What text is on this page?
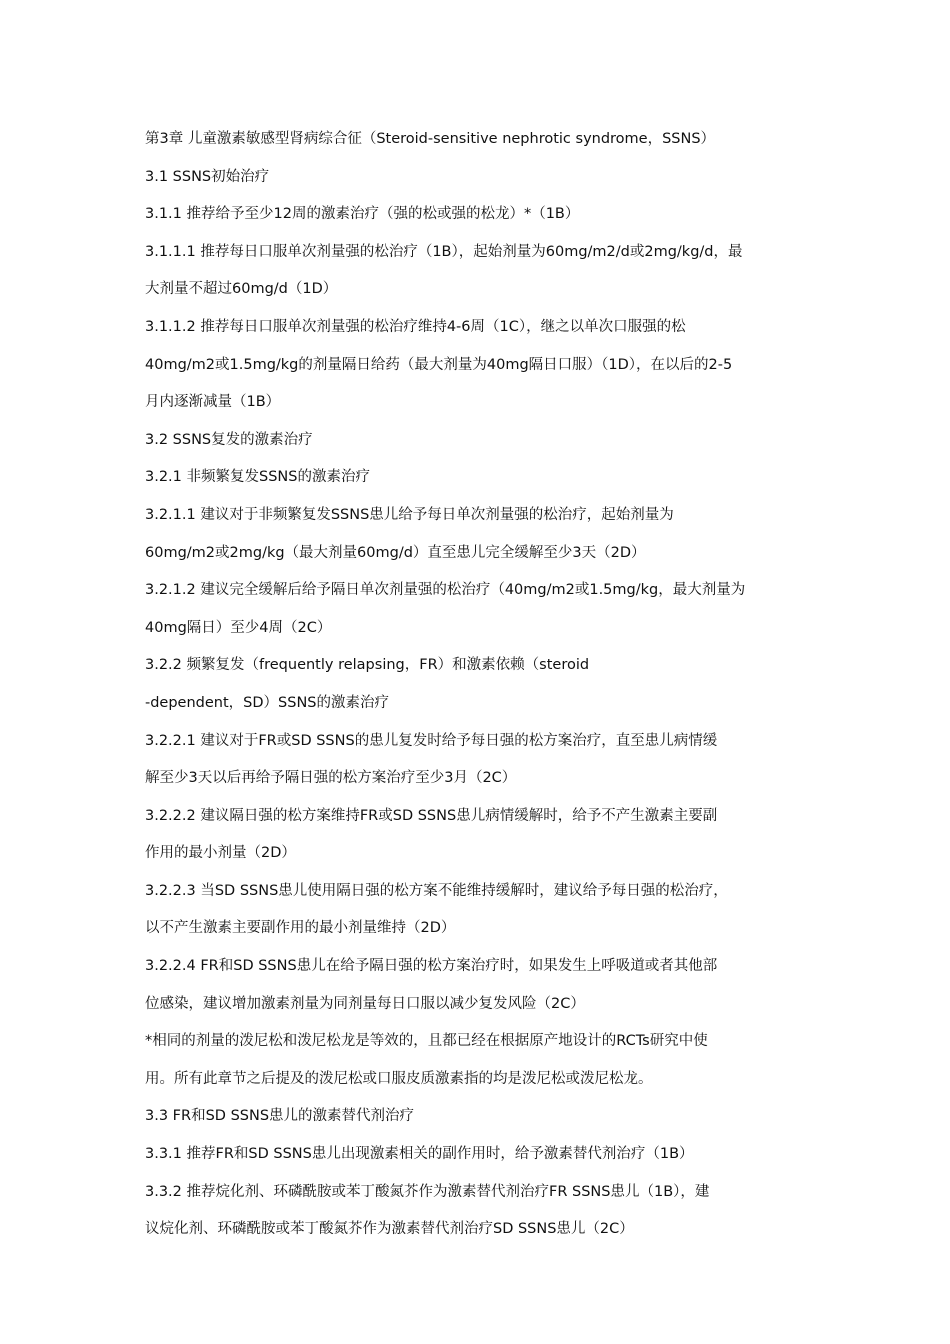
第3章 儿童激素敏感型肾病综合征（Steroid-sensitive nephrotic syndrome，SSNS）
3.1 SSNS初始治疗
3.1.1 推荐给予至少12周的激素治疗（强的松或强的松龙）*（1B）
3.1.1.1 推荐每日口服单次剂量强的松治疗（1B），起始剂量为60mg/m2/d或2mg/kg/d，最
大剂量不超过60mg/d（1D）
3.1.1.2 推荐每日口服单次剂量强的松治疗维持4-6周（1C），继之以单次口服强的松
40mg/m2或1.5mg/kg的剂量隔日给药（最大剂量为40mg隔日口服）（1D），在以后的2-5
月内逐渐减量（1B）
3.2 SSNS复发的激素治疗
3.2.1 非频繁复发SSNS的激素治疗
3.2.1.1 建议对于非频繁复发SSNS患儿给予每日单次剂量强的松治疗，起始剂量为
60mg/m2或2mg/kg（最大剂量60mg/d）直至患儿完全缓解至少3天（2D）
3.2.1.2 建议完全缓解后给予隔日单次剂量强的松治疗（40mg/m2或1.5mg/kg，最大剂量为
40mg隔日）至少4周（2C）
3.2.2 频繁复发（frequently relapsing，FR）和激素依赖（steroid
-dependent，SD）SSNS的激素治疗
3.2.2.1 建议对于FR或SD SSNS的患儿复发时给予每日强的松方案治疗，直至患儿病情缓
解至少3天以后再给予隔日强的松方案治疗至少3月（2C）
3.2.2.2 建议隔日强的松方案维持FR或SD SSNS患儿病情缓解时，给予不产生激素主要副
作用的最小剂量（2D）
3.2.2.3 当SD SSNS患儿使用隔日强的松方案不能维持缓解时，建议给予每日强的松治疗，
以不产生激素主要副作用的最小剂量维持（2D）
3.2.2.4 FR和SD SSNS患儿在给予隔日强的松方案治疗时，如果发生上呼吸道或者其他部
位感染，建议增加激素剂量为同剂量每日口服以减少复发风险（2C）
*相同的剂量的泼尼松和泼尼松龙是等效的，且都已经在根据原产地设计的RCTs研究中使
用。所有此章节之后提及的泼尼松或口服皮质激素指的均是泼尼松或泼尼松龙。
3.3 FR和SD SSNS患儿的激素替代剂治疗
3.3.1 推荐FR和SD SSNS患儿出现激素相关的副作用时，给予激素替代剂治疗（1B）
3.3.2 推荐烷化剂、环磷酰胺或苯丁酸氮芥作为激素替代剂治疗FR SSNS患儿（1B），建
议烷化剂、环磷酰胺或苯丁酸氮芥作为激素替代剂治疗SD SSNS患儿（2C）
